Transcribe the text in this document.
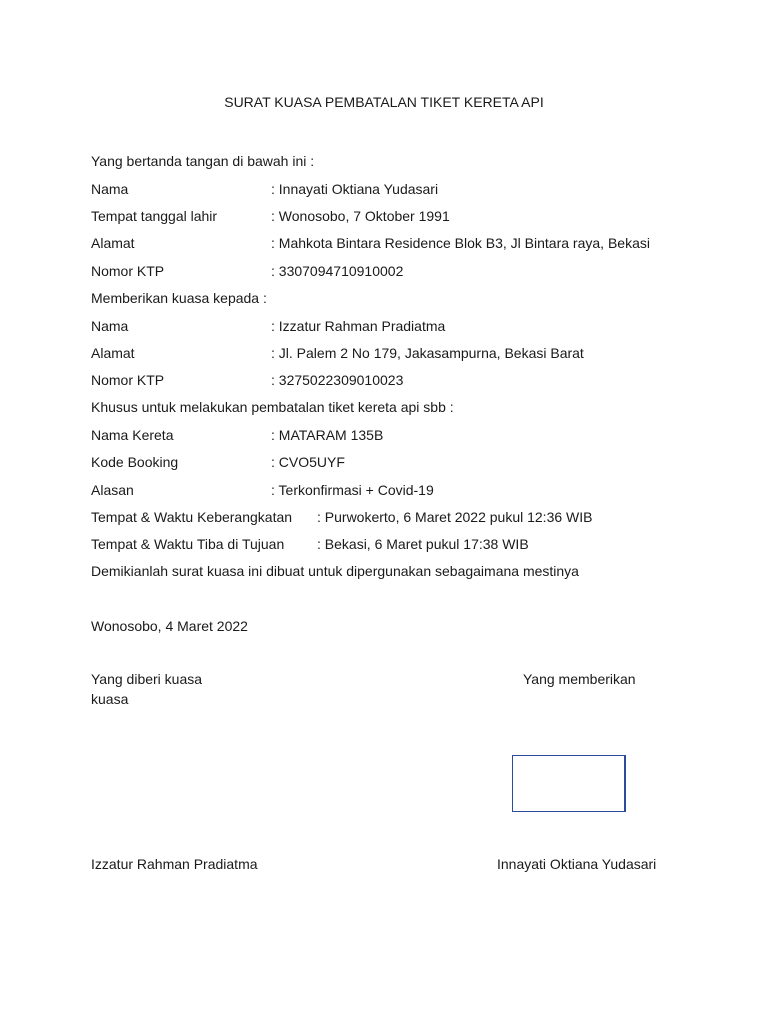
SURAT KUASA PEMBATALAN TIKET KERETA API
Yang bertanda tangan di bawah ini :
Nama	: Innayati Oktiana Yudasari
Tempat tanggal lahir	: Wonosobo, 7 Oktober 1991
Alamat	: Mahkota Bintara Residence Blok B3, Jl Bintara raya, Bekasi
Nomor KTP	: 3307094710910002
Memberikan kuasa kepada :
Nama	: Izzatur Rahman Pradiatma
Alamat	: Jl. Palem 2 No 179, Jakasampurna, Bekasi Barat
Nomor KTP	: 3275022309010023
Khusus untuk melakukan pembatalan tiket kereta api sbb :
Nama Kereta	: MATARAM 135B
Kode Booking	: CVO5UYF
Alasan	: Terkonfirmasi + Covid-19
Tempat & Waktu Keberangkatan : Purwokerto, 6 Maret 2022 pukul 12:36 WIB
Tempat & Waktu Tiba di Tujuan : Bekasi, 6 Maret pukul 17:38 WIB
Demikianlah surat kuasa ini dibuat untuk dipergunakan sebagaimana mestinya
Wonosobo, 4 Maret 2022
Yang diberi kuasa
kuasa
Yang memberikan
Izzatur Rahman Pradiatma	Innayati Oktiana Yudasari
